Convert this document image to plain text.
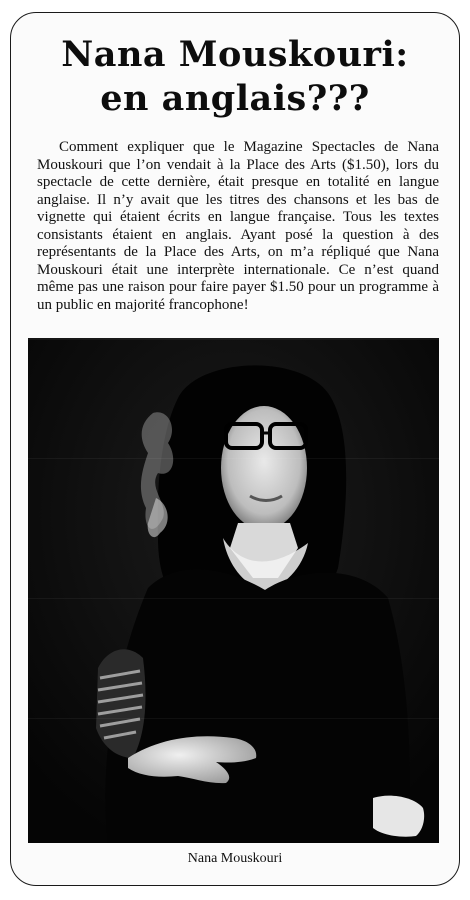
Nana Mouskouri:
en anglais???

Comment expliquer que le Magazine Spectacles de Nana Mouskouri que l’on vendait à la Place des Arts ($1.50), lors du spectacle de cette dernière, était presque en totalité en langue anglaise. Il n’y avait que les titres des chansons et les bas de vignette qui étaient écrits en langue française. Tous les textes consistants étaient en anglais. Ayant posé la question à des représentants de la Place des Arts, on m’a répliqué que Nana Mouskouri était une interprète internationale. Ce n’est quand même pas une raison pour faire payer $1.50 pour un programme à un public en majorité francophone!

Nana Mouskouri
